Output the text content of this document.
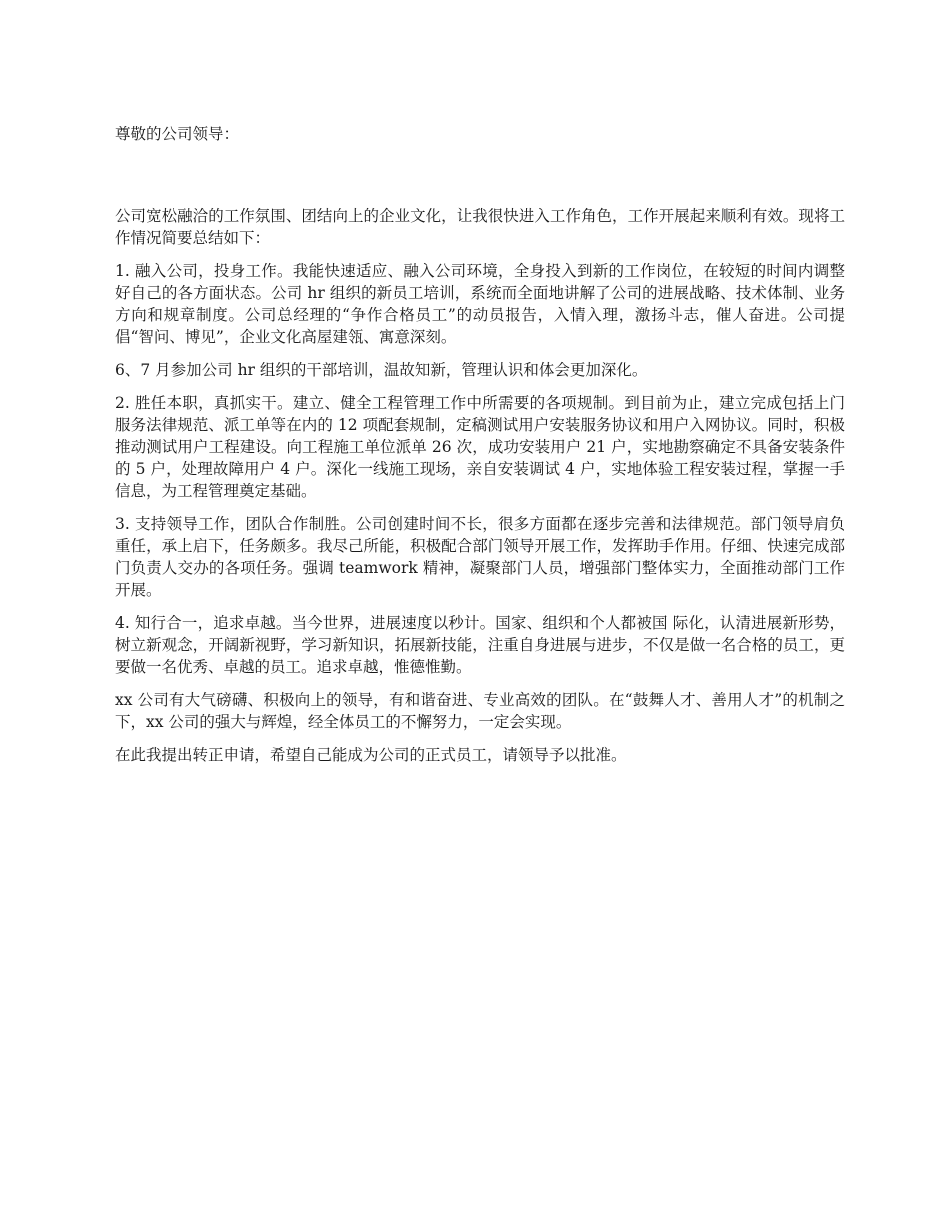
尊敬的公司领导：

公司宽松融洽的工作氛围、团结向上的企业文化，让我很快进入工作角色，工作开展起来顺利有效。现将工作情况简要总结如下：

1. 融入公司，投身工作。我能快速适应、融入公司环境，全身投入到新的工作岗位，在较短的时间内调整好自己的各方面状态。公司 hr 组织的新员工培训，系统而全面地讲解了公司的进展战略、技术体制、业务方向和规章制度。公司总经理的“争作合格员工”的动员报告，入情入理，激扬斗志，催人奋进。公司提倡“智问、博见”，企业文化高屋建瓴、寓意深刻。

6、7 月参加公司 hr 组织的干部培训，温故知新，管理认识和体会更加深化。

2. 胜任本职，真抓实干。建立、健全工程管理工作中所需要的各项规制。到目前为止，建立完成包括上门服务法律规范、派工单等在内的 12 项配套规制，定稿测试用户安装服务协议和用户入网协议。同时，积极推动测试用户工程建设。向工程施工单位派单 26 次，成功安装用户 21 户，实地勘察确定不具备安装条件的 5 户，处理故障用户 4 户。深化一线施工现场，亲自安装调试 4 户，实地体验工程安装过程，掌握一手信息，为工程管理奠定基础。

3. 支持领导工作，团队合作制胜。公司创建时间不长，很多方面都在逐步完善和法律规范。部门领导肩负重任，承上启下，任务颇多。我尽己所能，积极配合部门领导开展工作，发挥助手作用。仔细、快速完成部门负责人交办的各项任务。强调 teamwork 精神，凝聚部门人员，增强部门整体实力，全面推动部门工作开展。

4. 知行合一，追求卓越。当今世界，进展速度以秒计。国家、组织和个人都被国 际化，认清进展新形势，树立新观念，开阔新视野，学习新知识，拓展新技能，注重自身进展与进步，不仅是做一名合格的员工，更要做一名优秀、卓越的员工。追求卓越，惟德惟勤。

xx 公司有大气磅礴、积极向上的领导，有和谐奋进、专业高效的团队。在“鼓舞人才、善用人才”的机制之下，xx 公司的强大与辉煌，经全体员工的不懈努力，一定会实现。

在此我提出转正申请，希望自己能成为公司的正式员工，请领导予以批准。
